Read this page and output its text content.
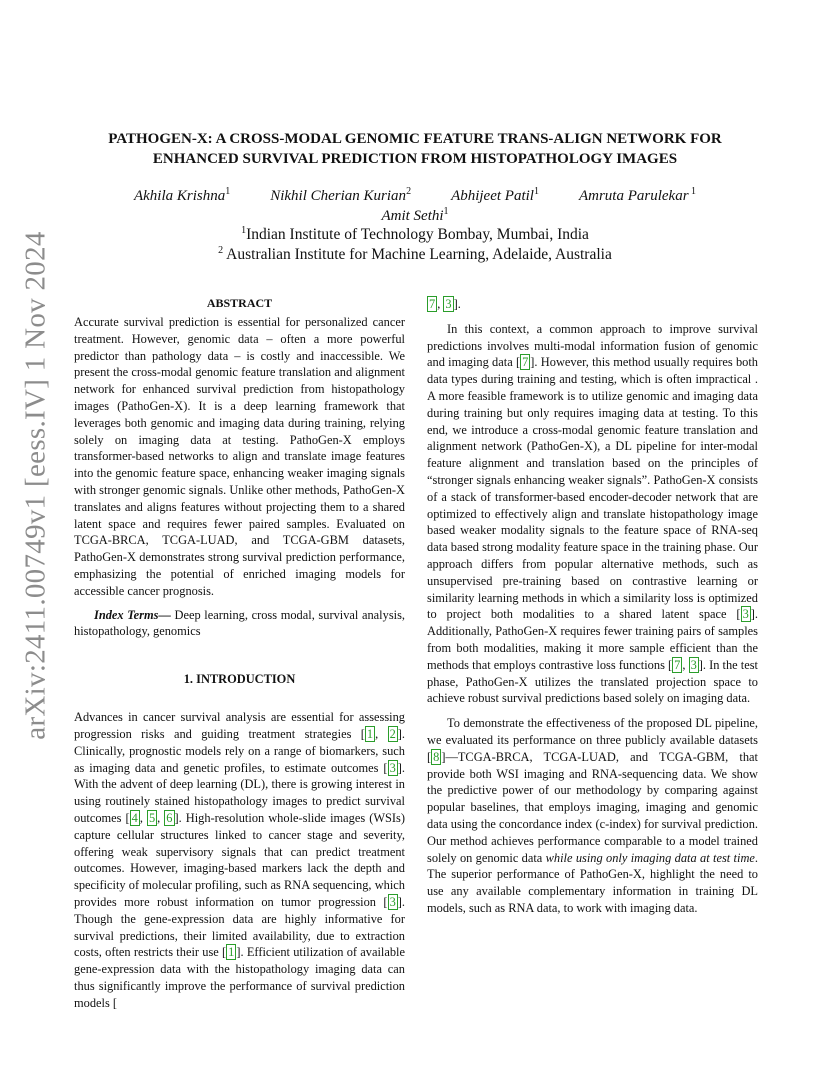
arXiv:2411.00749v1 [eess.IV] 1 Nov 2024
PATHOGEN-X: A CROSS-MODAL GENOMIC FEATURE TRANS-ALIGN NETWORK FOR
ENHANCED SURVIVAL PREDICTION FROM HISTOPATHOLOGY IMAGES
Akhila Krishna$^1$	Nikhil Cherian Kurian$^2$	Abhijeet Patil$^1$	Amruta Parulekar $^1$
Amit Sethi$^1$
$^1$Indian Institute of Technology Bombay, Mumbai, India
$^2$ Australian Institute for Machine Learning, Adelaide, Australia
ABSTRACT

Accurate survival prediction is essential for personalized cancer treatment. However, genomic data – often a more powerful predictor than pathology data – is costly and inaccessible. We present the cross-modal genomic feature translation and alignment network for enhanced survival prediction from histopathology images (PathoGen-X). It is a deep learning framework that leverages both genomic and imaging data during training, relying solely on imaging data at testing. PathoGen-X employs transformer-based networks to align and translate image features into the genomic feature space, enhancing weaker imaging signals with stronger genomic signals. Unlike other methods, PathoGen-X translates and aligns features without projecting them to a shared latent space and requires fewer paired samples. Evaluated on TCGA-BRCA, TCGA-LUAD, and TCGA-GBM datasets, PathoGen-X demonstrates strong survival prediction performance, emphasizing the potential of enriched imaging models for accessible cancer prognosis.

Index Terms— Deep learning, cross modal, survival analysis, histopathology, genomics

1. INTRODUCTION

Advances in cancer survival analysis are essential for assessing progression risks and guiding treatment strategies [ 1 , 2 ]. Clinically, prognostic models rely on a range of biomarkers, such as imaging data and genetic profiles, to estimate outcomes [ 3 ]. With the advent of deep learning (DL), there is growing interest in using routinely stained histopathology images to predict survival outcomes [ 4 , 5 , 6 ]. High-resolution whole-slide images (WSIs) capture cellular structures linked to cancer stage and severity, offering weak supervisory signals that can predict treatment outcomes. However, imaging-based markers lack the depth and specificity of molecular profiling, such as RNA sequencing, which provides more robust information on tumor progression [ 3 ]. Though the gene-expression data are highly informative for survival predictions, their limited availability, due to extraction costs, often restricts their use [ 1 ]. Efficient utilization of available gene-expression data with the histopathology imaging data can thus significantly improve the performance of survival prediction models [

7 , 3 ].

In this context, a common approach to improve survival predictions involves multi-modal information fusion of genomic and imaging data [ 7 ]. However, this method usually requires both data types during training and testing, which is often impractical . A more feasible framework is to utilize genomic and imaging data during training but only requires imaging data at testing. To this end, we introduce a cross-modal genomic feature translation and alignment network (PathoGen-X), a DL pipeline for inter-modal feature alignment and translation based on the principles of “stronger signals enhancing weaker signals”. PathoGen-X consists of a stack of transformer-based encoder-decoder network that are optimized to effectively align and translate histopathology image based weaker modality signals to the feature space of RNA-seq data based strong modality feature space in the training phase. Our approach differs from popular alternative methods, such as unsupervised pre-training based on contrastive learning or similarity learning methods in which a similarity loss is optimized to project both modalities to a shared latent space [ 3 ]. Additionally, PathoGen-X requires fewer training pairs of samples from both modalities, making it more sample efficient than the methods that employs contrastive loss functions [ 7 , 3 ]. In the test phase, PathoGen-X utilizes the translated projection space to achieve robust survival predictions based solely on imaging data.

To demonstrate the effectiveness of the proposed DL pipeline, we evaluated its performance on three publicly available datasets [ 8 ]—TCGA-BRCA, TCGA-LUAD, and TCGA-GBM, that provide both WSI imaging and RNA-sequencing data. We show the predictive power of our methodology by comparing against popular baselines, that employs imaging, imaging and genomic data using the concordance index (c-index) for survival prediction. Our method achieves performance comparable to a model trained solely on genomic data while using only imaging data at test time. The superior performance of PathoGen-X, highlight the need to use any available complementary information in training DL models, such as RNA data, to work with imaging data.
